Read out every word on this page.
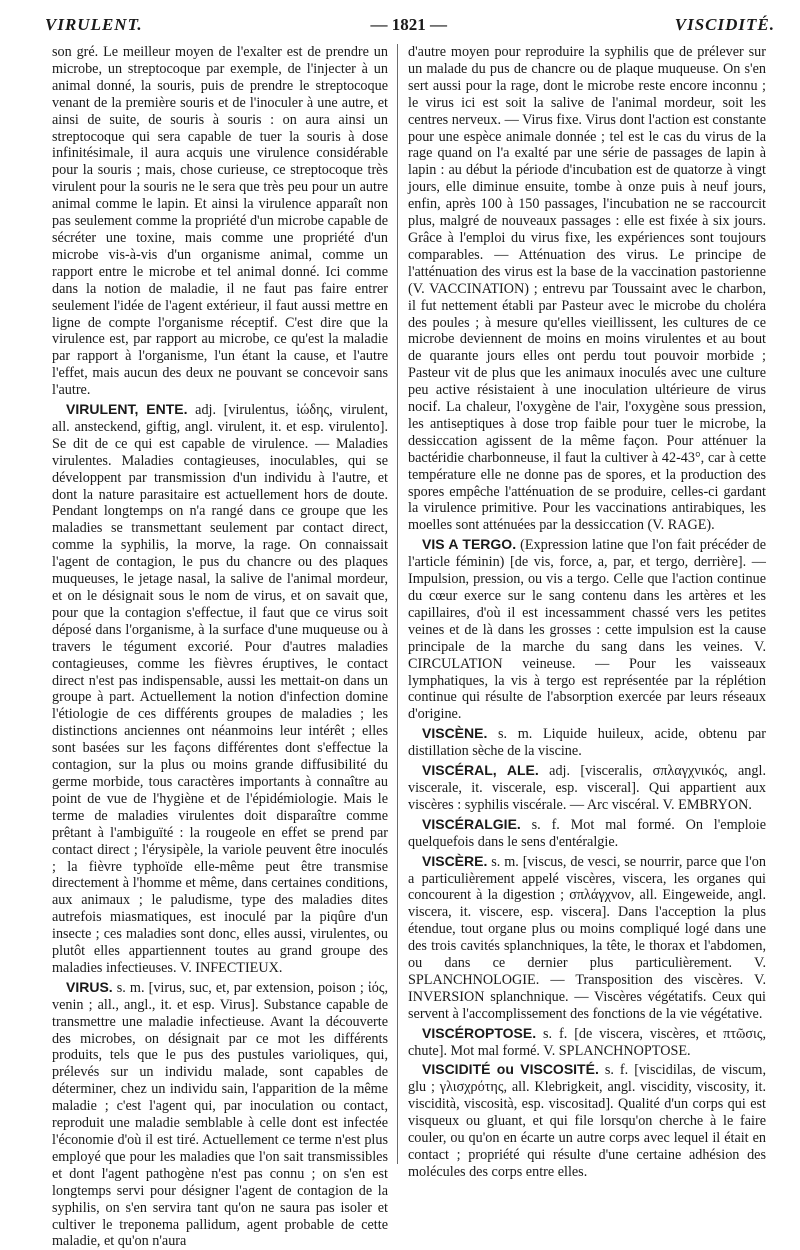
VIRULENT.	— 1821 —	VISCIDITÉ.

son gré. Le meilleur moyen de l'exalter est de prendre un microbe, un streptocoque par exemple, de l'injecter à un animal donné, la souris, puis de prendre le streptocoque venant de la première souris et de l'inoculer à une autre, et ainsi de suite, de souris à souris : on aura ainsi un streptocoque qui sera capable de tuer la souris à dose infinitésimale, il aura acquis une virulence considérable pour la souris ; mais, chose curieuse, ce streptocoque très virulent pour la souris ne le sera que très peu pour un autre animal comme le lapin. Et ainsi la virulence apparaît non pas seulement comme la propriété d'un microbe capable de sécréter une toxine, mais comme une propriété d'un microbe vis-à-vis d'un organisme animal, comme un rapport entre le microbe et tel animal donné. Ici comme dans la notion de maladie, il ne faut pas faire entrer seulement l'idée de l'agent extérieur, il faut aussi mettre en ligne de compte l'organisme réceptif. C'est dire que la virulence est, par rapport au microbe, ce qu'est la maladie par rapport à l'organisme, l'un étant la cause, et l'autre l'effet, mais aucun des deux ne pouvant se concevoir sans l'autre.

VIRULENT, ENTE. adj. [virulentus, ἰώδης, virulent, all. ansteckend, giftig, angl. virulent, it. et esp. virulento]. Se dit de ce qui est capable de virulence. — Maladies virulentes. Maladies contagieuses, inoculables, qui se développent par transmission d'un individu à l'autre, et dont la nature parasitaire est actuellement hors de doute. Pendant longtemps on n'a rangé dans ce groupe que les maladies se transmettant seulement par contact direct, comme la syphilis, la morve, la rage. On connaissait l'agent de contagion, le pus du chancre ou des plaques muqueuses, le jetage nasal, la salive de l'animal mordeur, et on le désignait sous le nom de virus, et on savait que, pour que la contagion s'effectue, il faut que ce virus soit déposé dans l'organisme, à la surface d'une muqueuse ou à travers le tégument excorié. Pour d'autres maladies contagieuses, comme les fièvres éruptives, le contact direct n'est pas indispensable, aussi les mettait-on dans un groupe à part. Actuellement la notion d'infection domine l'étiologie de ces différents groupes de maladies ; les distinctions anciennes ont néanmoins leur intérêt ; elles sont basées sur les façons différentes dont s'effectue la contagion, sur la plus ou moins grande diffusibilité du germe morbide, tous caractères importants à connaître au point de vue de l'hygiène et de l'épidémiologie. Mais le terme de maladies virulentes doit disparaître comme prêtant à l'ambiguïté : la rougeole en effet se prend par contact direct ; l'érysipèle, la variole peuvent être inoculés ; la fièvre typhoïde elle-même peut être transmise directement à l'homme et même, dans certaines conditions, aux animaux ; le paludisme, type des maladies dites autrefois miasmatiques, est inoculé par la piqûre d'un insecte ; ces maladies sont donc, elles aussi, virulentes, ou plutôt elles appartiennent toutes au grand groupe des maladies infectieuses. V. INFECTIEUX.

VIRUS. s. m. [virus, suc, et, par extension, poison ; ἰός, venin ; all., angl., it. et esp. Virus]. Substance capable de transmettre une maladie infectieuse. Avant la découverte des microbes, on désignait par ce mot les différents produits, tels que le pus des pustules varioliques, qui, prélevés sur un individu malade, sont capables de déterminer, chez un individu sain, l'apparition de la même maladie ; c'est l'agent qui, par inoculation ou contact, reproduit une maladie semblable à celle dont est infectée l'économie d'où il est tiré. Actuellement ce terme n'est plus employé que pour les maladies que l'on sait transmissibles et dont l'agent pathogène n'est pas connu ; on s'en est longtemps servi pour désigner l'agent de contagion de la syphilis, on s'en servira tant qu'on ne saura pas isoler et cultiver le treponema pallidum, agent probable de cette maladie, et qu'on n'aura

d'autre moyen pour reproduire la syphilis que de prélever sur un malade du pus de chancre ou de plaque muqueuse. On s'en sert aussi pour la rage, dont le microbe reste encore inconnu ; le virus ici est soit la salive de l'animal mordeur, soit les centres nerveux. — Virus fixe. Virus dont l'action est constante pour une espèce animale donnée ; tel est le cas du virus de la rage quand on l'a exalté par une série de passages de lapin à lapin : au début la période d'incubation est de quatorze à vingt jours, elle diminue ensuite, tombe à onze puis à neuf jours, enfin, après 100 à 150 passages, l'incubation ne se raccourcit plus, malgré de nouveaux passages : elle est fixée à six jours. Grâce à l'emploi du virus fixe, les expériences sont toujours comparables. — Atténuation des virus. Le principe de l'atténuation des virus est la base de la vaccination pastorienne (V. VACCINATION) ; entrevu par Toussaint avec le charbon, il fut nettement établi par Pasteur avec le microbe du choléra des poules ; à mesure qu'elles vieillissent, les cultures de ce microbe deviennent de moins en moins virulentes et au bout de quarante jours elles ont perdu tout pouvoir morbide ; Pasteur vit de plus que les animaux inoculés avec une culture peu active résistaient à une inoculation ultérieure de virus nocif. La chaleur, l'oxygène de l'air, l'oxygène sous pression, les antiseptiques à dose trop faible pour tuer le microbe, la dessiccation agissent de la même façon. Pour atténuer la bactéridie charbonneuse, il faut la cultiver à 42-43°, car à cette température elle ne donne pas de spores, et la production des spores empêche l'atténuation de se produire, celles-ci gardant la virulence primitive. Pour les vaccinations antirabiques, les moelles sont atténuées par la dessiccation (V. RAGE).

VIS A TERGO. (Expression latine que l'on fait précéder de l'article féminin) [de vis, force, a, par, et tergo, derrière]. — Impulsion, pression, ou vis a tergo. Celle que l'action continue du cœur exerce sur le sang contenu dans les artères et les capillaires, d'où il est incessamment chassé vers les petites veines et de là dans les grosses : cette impulsion est la cause principale de la marche du sang dans les veines. V. CIRCULATION veineuse. — Pour les vaisseaux lymphatiques, la vis à tergo est représentée par la réplétion continue qui résulte de l'absorption exercée par leurs réseaux d'origine.

VISCÈNE. s. m. Liquide huileux, acide, obtenu par distillation sèche de la viscine.

VISCÉRAL, ALE. adj. [visceralis, σπλαγχνικός, angl. viscerale, it. viscerale, esp. visceral]. Qui appartient aux viscères : syphilis viscérale. — Arc viscéral. V. EMBRYON.

VISCÉRALGIE. s. f. Mot mal formé. On l'emploie quelquefois dans le sens d'entéralgie.

VISCÈRE. s. m. [viscus, de vesci, se nourrir, parce que l'on a particulièrement appelé viscères, viscera, les organes qui concourent à la digestion ; σπλάγχνον, all. Eingeweide, angl. viscera, it. viscere, esp. viscera]. Dans l'acception la plus étendue, tout organe plus ou moins compliqué logé dans une des trois cavités splanchniques, la tête, le thorax et l'abdomen, ou dans ce dernier plus particulièrement. V. SPLANCHNOLOGIE. — Transposition des viscères. V. INVERSION splanchnique. — Viscères végétatifs. Ceux qui servent à l'accomplissement des fonctions de la vie végétative.

VISCÉROPTOSE. s. f. [de viscera, viscères, et πτῶσις, chute]. Mot mal formé. V. SPLANCHNOPTOSE.

VISCIDITÉ ou VISCOSITÉ. s. f. [viscidilas, de viscum, glu ; γλισχρότης, all. Klebrigkeit, angl. viscidity, viscosity, it. viscidità, viscosità, esp. viscositad]. Qualité d'un corps qui est visqueux ou gluant, et qui file lorsqu'on cherche à le faire couler, ou qu'on en écarte un autre corps avec lequel il était en contact ; propriété qui résulte d'une certaine adhésion des molécules des corps entre elles.
